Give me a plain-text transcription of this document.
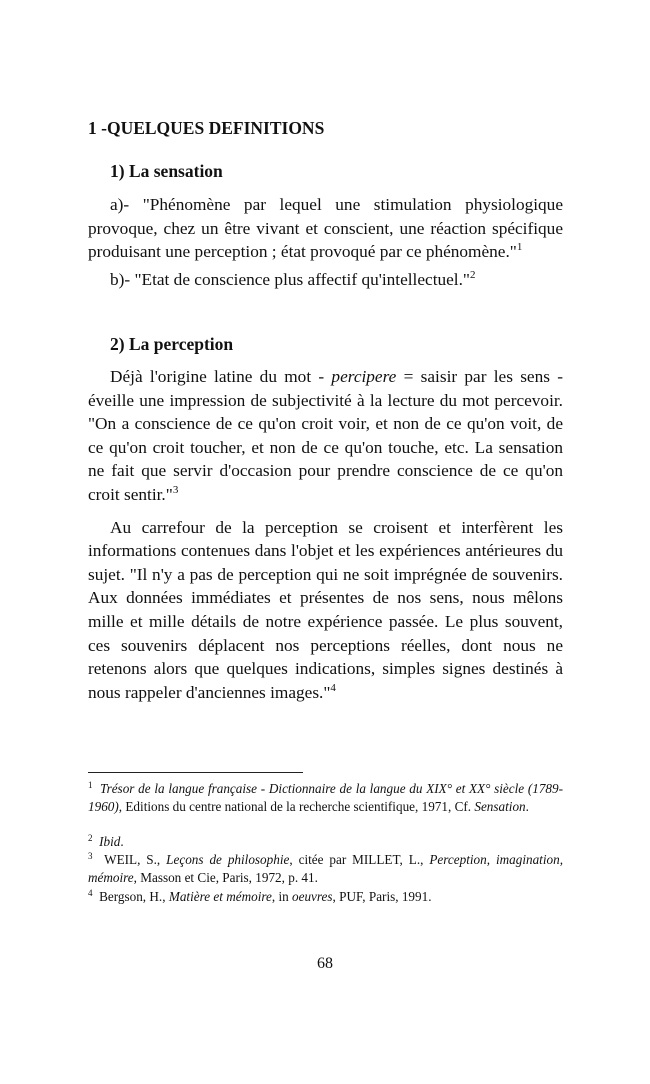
1 -QUELQUES DEFINITIONS
1) La sensation

a)- "Phénomène par lequel une stimulation physiologique provoque, chez un être vivant et conscient, une réaction spécifique produisant une perception ; état provoqué par ce phénomène."$^1$

b)- "Etat de conscience plus affectif qu'intellectuel."$^2$

2) La perception

Déjà l'origine latine du mot - percipere = saisir par les sens - éveille une impression de subjectivité à la lecture du mot percevoir. "On a conscience de ce qu'on croit voir, et non de ce qu'on voit, de ce qu'on croit toucher, et non de ce qu'on touche, etc. La sensation ne fait que servir d'occasion pour prendre conscience de ce qu'on croit sentir."$^3$

Au carrefour de la perception se croisent et interfèrent les informations contenues dans l'objet et les expériences antérieures du sujet. "Il n'y a pas de perception qui ne soit imprégnée de souvenirs. Aux données immédiates et présentes de nos sens, nous mêlons mille et mille détails de notre expérience passée. Le plus souvent, ces souvenirs déplacent nos perceptions réelles, dont nous ne retenons alors que quelques indications, simples signes destinés à nous rappeler d'anciennes images."$^4$

$^1$ Trésor de la langue française - Dictionnaire de la langue du XIX° et XX° siècle (1789-1960), Editions du centre national de la recherche scientifique, 1971, Cf. Sensation.
$^2$ Ibid.
$^3$ WEIL, S., Leçons de philosophie, citée par MILLET, L., Perception, imagination, mémoire, Masson et Cie, Paris, 1972, p. 41.
$^4$ Bergson, H., Matière et mémoire, in oeuvres, PUF, Paris, 1991.
68
